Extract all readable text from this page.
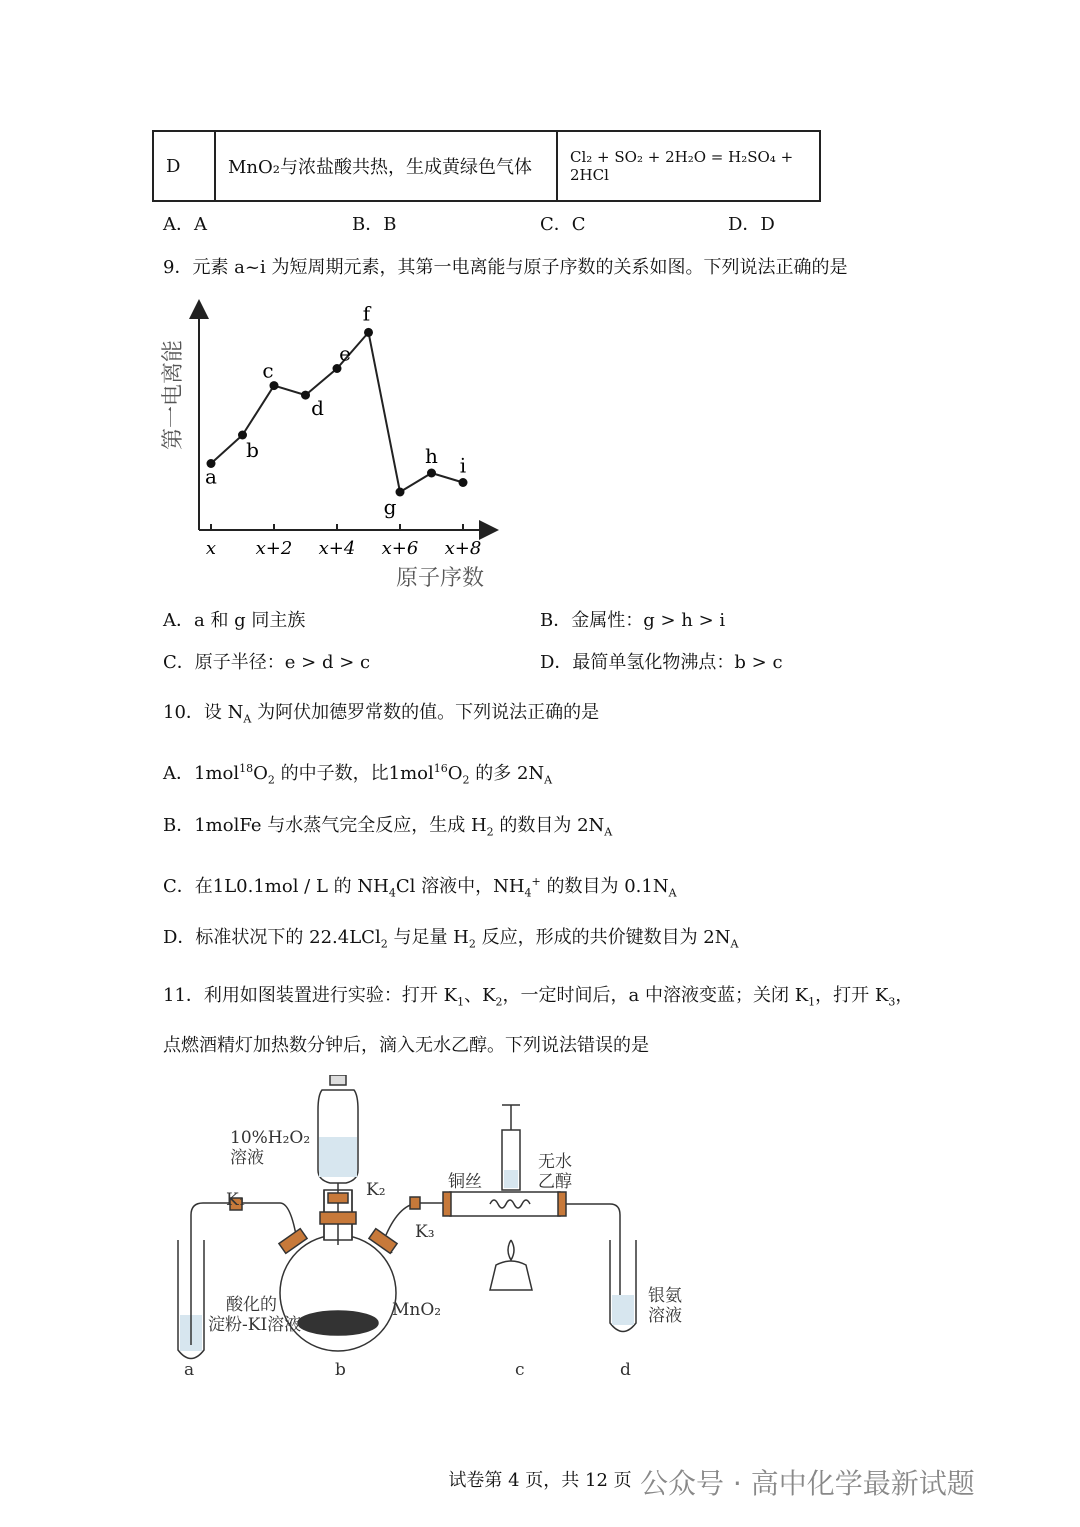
D	MnO₂与浓盐酸共热，生成黄绿色气体	Cl₂ + SO₂ + 2H₂O = H₂SO₄ + 2HCl
A．A	B．B	C．C	D．D
9．元素 a~i 为短周期元素，其第一电离能与原子序数的关系如图。下列说法正确的是
第一电离能
原子序数
x x+2 x+4 x+6 x+8
a
b
c
d
e
f
g
h i
A．a 和 g 同主族	B．金属性：g > h > i
C．原子半径：e > d > c	D．最简单氢化物沸点：b > c
10．设 $N_A$ 为阿伏加德罗常数的值。下列说法正确的是
A．$1mol^{18}O_2$ 的中子数，比$1mol^{16}O_2$ 的多 $2N_A$
B．1molFe 与水蒸气完全反应，生成 $H_2$ 的数目为 $2N_A$
C．在1L0.1mol / L 的 $NH_4Cl$ 溶液中，$NH_4^+$ 的数目为 $0.1N_A$
D．标准状况下的 22.4LCl$_2$ 与足量 $H_2$ 反应，形成的共价键数目为 $2N_A$
11．利用如图装置进行实验：打开 $K_1$、$K_2$，一定时间后，a 中溶液变蓝；关闭 $K_1$，打开 $K_3$，
点燃酒精灯加热数分钟后，滴入无水乙醇。下列说法错误的是
10%H₂O₂
溶液
K₁	K₂
K₃
无水
乙醇
铜丝
MnO₂
酸化的
淀粉-KI溶液
银氨
溶液
a	b	c	d
试卷第 4 页，共 12 页 公众号 · 高中化学最新试题
